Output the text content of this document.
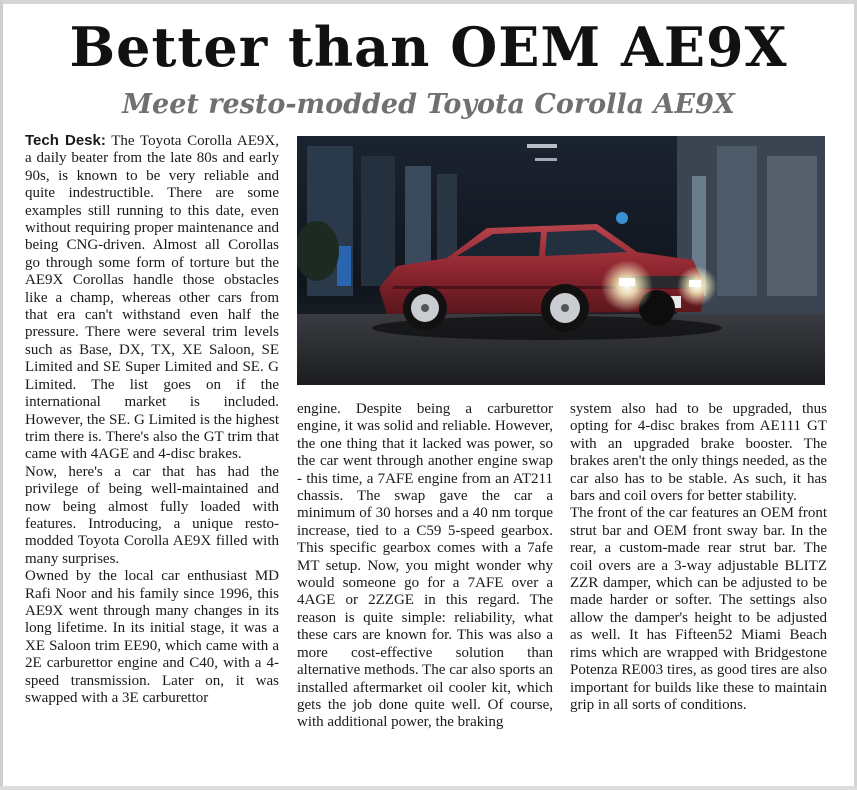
Better than OEM AE9X
Meet resto-modded Toyota Corolla AE9X

Tech Desk: The Toyota Corolla AE9X, a daily beater from the late 80s and early 90s, is known to be very reliable and quite indestructible. There are some examples still running to this date, even without requiring proper maintenance and being CNG-driven. Almost all Corollas go through some form of torture but the AE9X Corollas handle those obstacles like a champ, whereas other cars from that era can't withstand even half the pressure. There were several trim levels such as Base, DX, TX, XE Saloon, SE Limited and SE Super Limited and SE. G Limited. The list goes on if the international market is included. However, the SE. G Limited is the highest trim there is. There's also the GT trim that came with 4AGE and 4-disc brakes.

Now, here's a car that has had the privilege of being well-maintained and now being almost fully loaded with features. Introducing, a unique resto-modded Toyota Corolla AE9X filled with many surprises.

Owned by the local car enthusiast MD Rafi Noor and his family since 1996, this AE9X went through many changes in its long lifetime. In its initial stage, it was a XE Saloon trim EE90, which came with a 2E carburettor engine and C40, with a 4-speed transmission. Later on, it was swapped with a 3E carburettor

engine. Despite being a carburettor engine, it was solid and reliable. However, the one thing that it lacked was power, so the car went through another engine swap - this time, a 7AFE engine from an AT211 chassis. The swap gave the car a minimum of 30 horses and a 40 nm torque increase, tied to a C59 5-speed gearbox. This specific gearbox comes with a 7afe MT setup. Now, you might wonder why would someone go for a 7AFE over a 4AGE or 2ZZGE in this regard. The reason is quite simple: reliability, what these cars are known for. This was also a more cost-effective solution than alternative methods. The car also sports an installed aftermarket oil cooler kit, which gets the job done quite well. Of course, with additional power, the braking

system also had to be upgraded, thus opting for 4-disc brakes from AE111 GT with an upgraded brake booster. The brakes aren't the only things needed, as the car also has to be stable. As such, it has bars and coil overs for better stability.

The front of the car features an OEM front strut bar and OEM front sway bar. In the rear, a custom-made rear strut bar. The coil overs are a 3-way adjustable BLITZ ZZR damper, which can be adjusted to be made harder or softer. The settings also allow the damper's height to be adjusted as well. It has Fifteen52 Miami Beach rims which are wrapped with Bridgestone Potenza RE003 tires, as good tires are also important for builds like these to maintain grip in all sorts of conditions.
